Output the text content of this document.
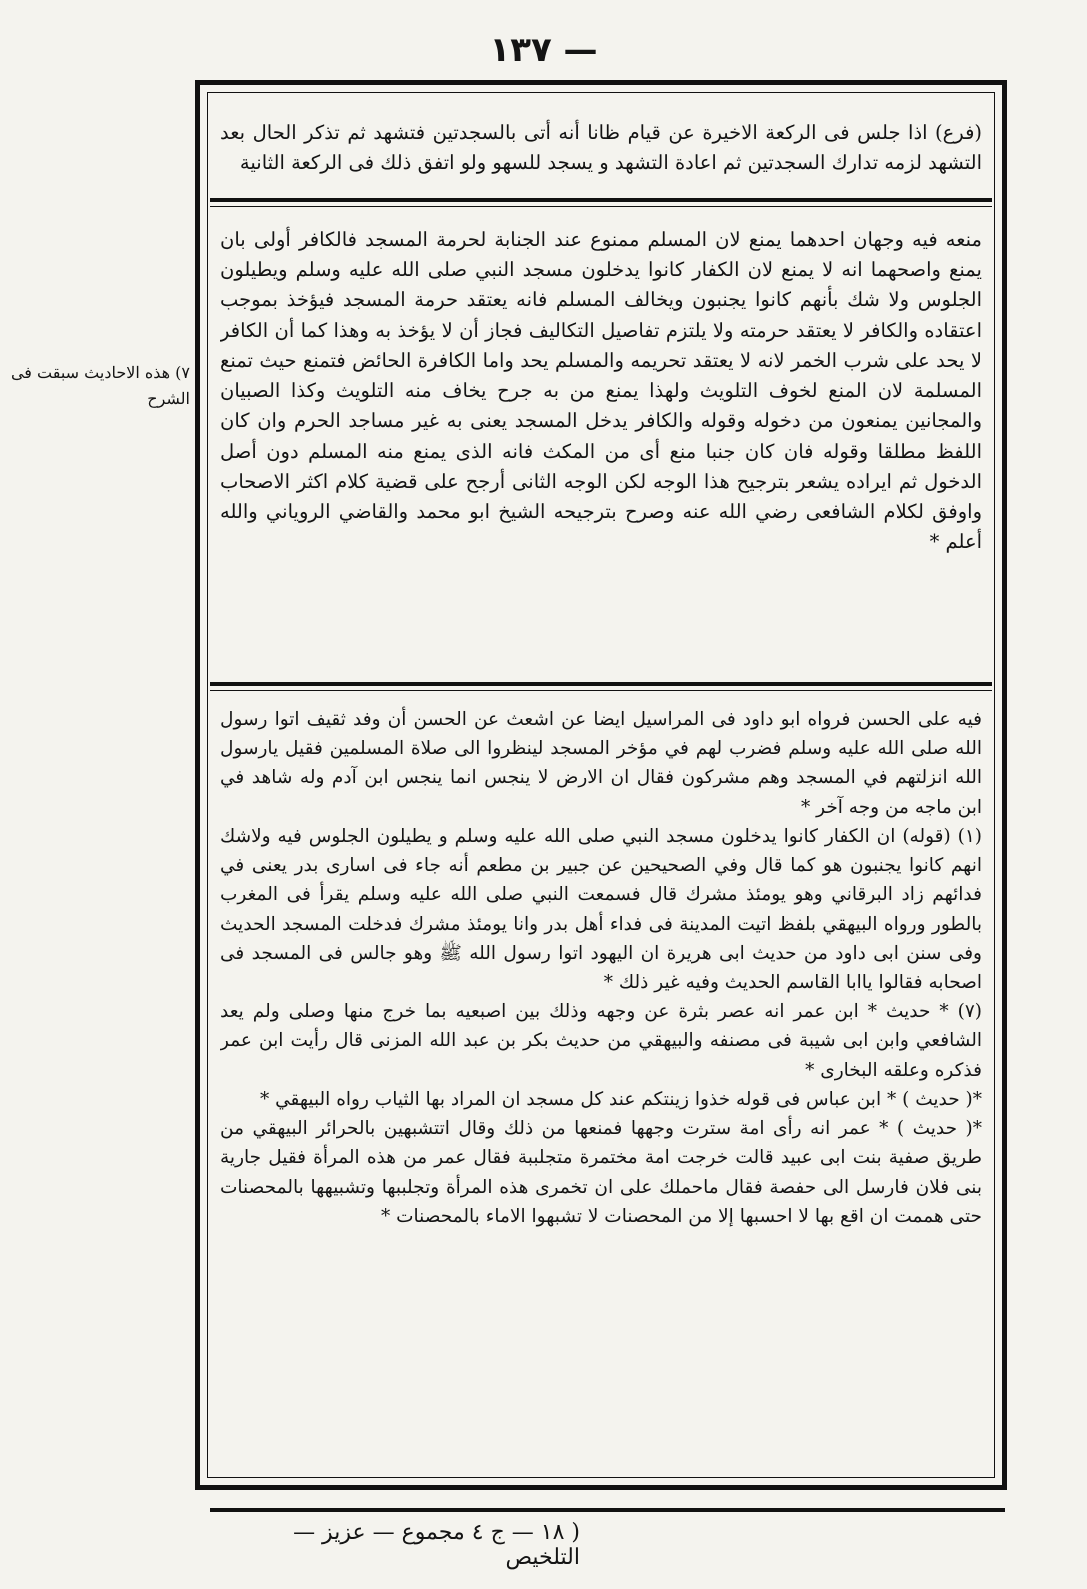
١٣٧ —
٧) هذه الاحاديث سبقت فى الشرح

(فرع) اذا جلس فى الركعة الاخيرة عن قيام ظانا أنه أتى بالسجدتين فتشهد ثم تذكر الحال بعد التشهد لزمه تدارك السجدتين ثم اعادة التشهد و يسجد للسهو ولو اتفق ذلك فى الركعة الثانية

منعه فيه وجهان احدهما يمنع لان المسلم ممنوع عند الجنابة لحرمة المسجد فالكافر أولى بان يمنع واصحهما انه لا يمنع لان الكفار كانوا يدخلون مسجد النبي صلى الله عليه وسلم ويطيلون الجلوس ولا شك بأنهم كانوا يجنبون ويخالف المسلم فانه يعتقد حرمة المسجد فيؤخذ بموجب اعتقاده والكافر لا يعتقد حرمته ولا يلتزم تفاصيل التكاليف فجاز أن لا يؤخذ به وهذا كما أن الكافر لا يحد على شرب الخمر لانه لا يعتقد تحريمه والمسلم يحد واما الكافرة الحائض فتمنع حيث تمنع المسلمة لان المنع لخوف التلويث ولهذا يمنع من به جرح يخاف منه التلويث وكذا الصبيان والمجانين يمنعون من دخوله وقوله والكافر يدخل المسجد يعنى به غير مساجد الحرم وان كان اللفظ مطلقا وقوله فان كان جنبا منع أى من المكث فانه الذى يمنع منه المسلم دون أصل الدخول ثم ايراده يشعر بترجيح هذا الوجه لكن الوجه الثانى أرجح على قضية كلام اكثر الاصحاب واوفق لكلام الشافعى رضي الله عنه وصرح بترجيحه الشيخ ابو محمد والقاضي الروياني والله أعلم *

فيه على الحسن فرواه ابو داود فى المراسيل ايضا عن اشعث عن الحسن أن وفد ثقيف اتوا رسول الله صلى الله عليه وسلم فضرب لهم في مؤخر المسجد لينظروا الى صلاة المسلمين فقيل يارسول الله انزلتهم في المسجد وهم مشركون فقال ان الارض لا ينجس انما ينجس ابن آدم وله شاهد في ابن ماجه من وجه آخر *

(١) (قوله) ان الكفار كانوا يدخلون مسجد النبي صلى الله عليه وسلم و يطيلون الجلوس فيه ولاشك انهم كانوا يجنبون هو كما قال وفي الصحيحين عن جبير بن مطعم أنه جاء فى اسارى بدر يعنى في فدائهم زاد البرقاني وهو يومئذ مشرك قال فسمعت النبي صلى الله عليه وسلم يقرأ فى المغرب بالطور ورواه البيهقي بلفظ اتيت المدينة فى فداء أهل بدر وانا يومئذ مشرك فدخلت المسجد الحديث وفى سنن ابى داود من حديث ابى هريرة ان اليهود اتوا رسول الله ﷺ وهو جالس فى المسجد فى اصحابه فقالوا ياابا القاسم الحديث وفيه غير ذلك *

(٧) * حديث * ابن عمر انه عصر بثرة عن وجهه وذلك بين اصبعيه بما خرج منها وصلى ولم يعد الشافعي وابن ابى شيبة فى مصنفه والبيهقي من حديث بكر بن عبد الله المزنى قال رأيت ابن عمر فذكره وعلقه البخارى *

*( حديث ) * ابن عباس فى قوله خذوا زينتكم عند كل مسجد ان المراد بها الثياب رواه البيهقي *

*( حديث ) * عمر انه رأى امة سترت وجهها فمنعها من ذلك وقال اتتشبهين بالحرائر البيهقي من طريق صفية بنت ابى عبيد قالت خرجت امة مختمرة متجلببة فقال عمر من هذه المرأة فقيل جارية بنى فلان فارسل الى حفصة فقال ماحملك على ان تخمرى هذه المرأة وتجلببها وتشبيهها بالمحصنات حتى هممت ان اقع بها لا احسبها إلا من المحصنات لا تشبهوا الاماء بالمحصنات *

( ١٨ — ج ٤ مجموع — عزيز — التلخيص
